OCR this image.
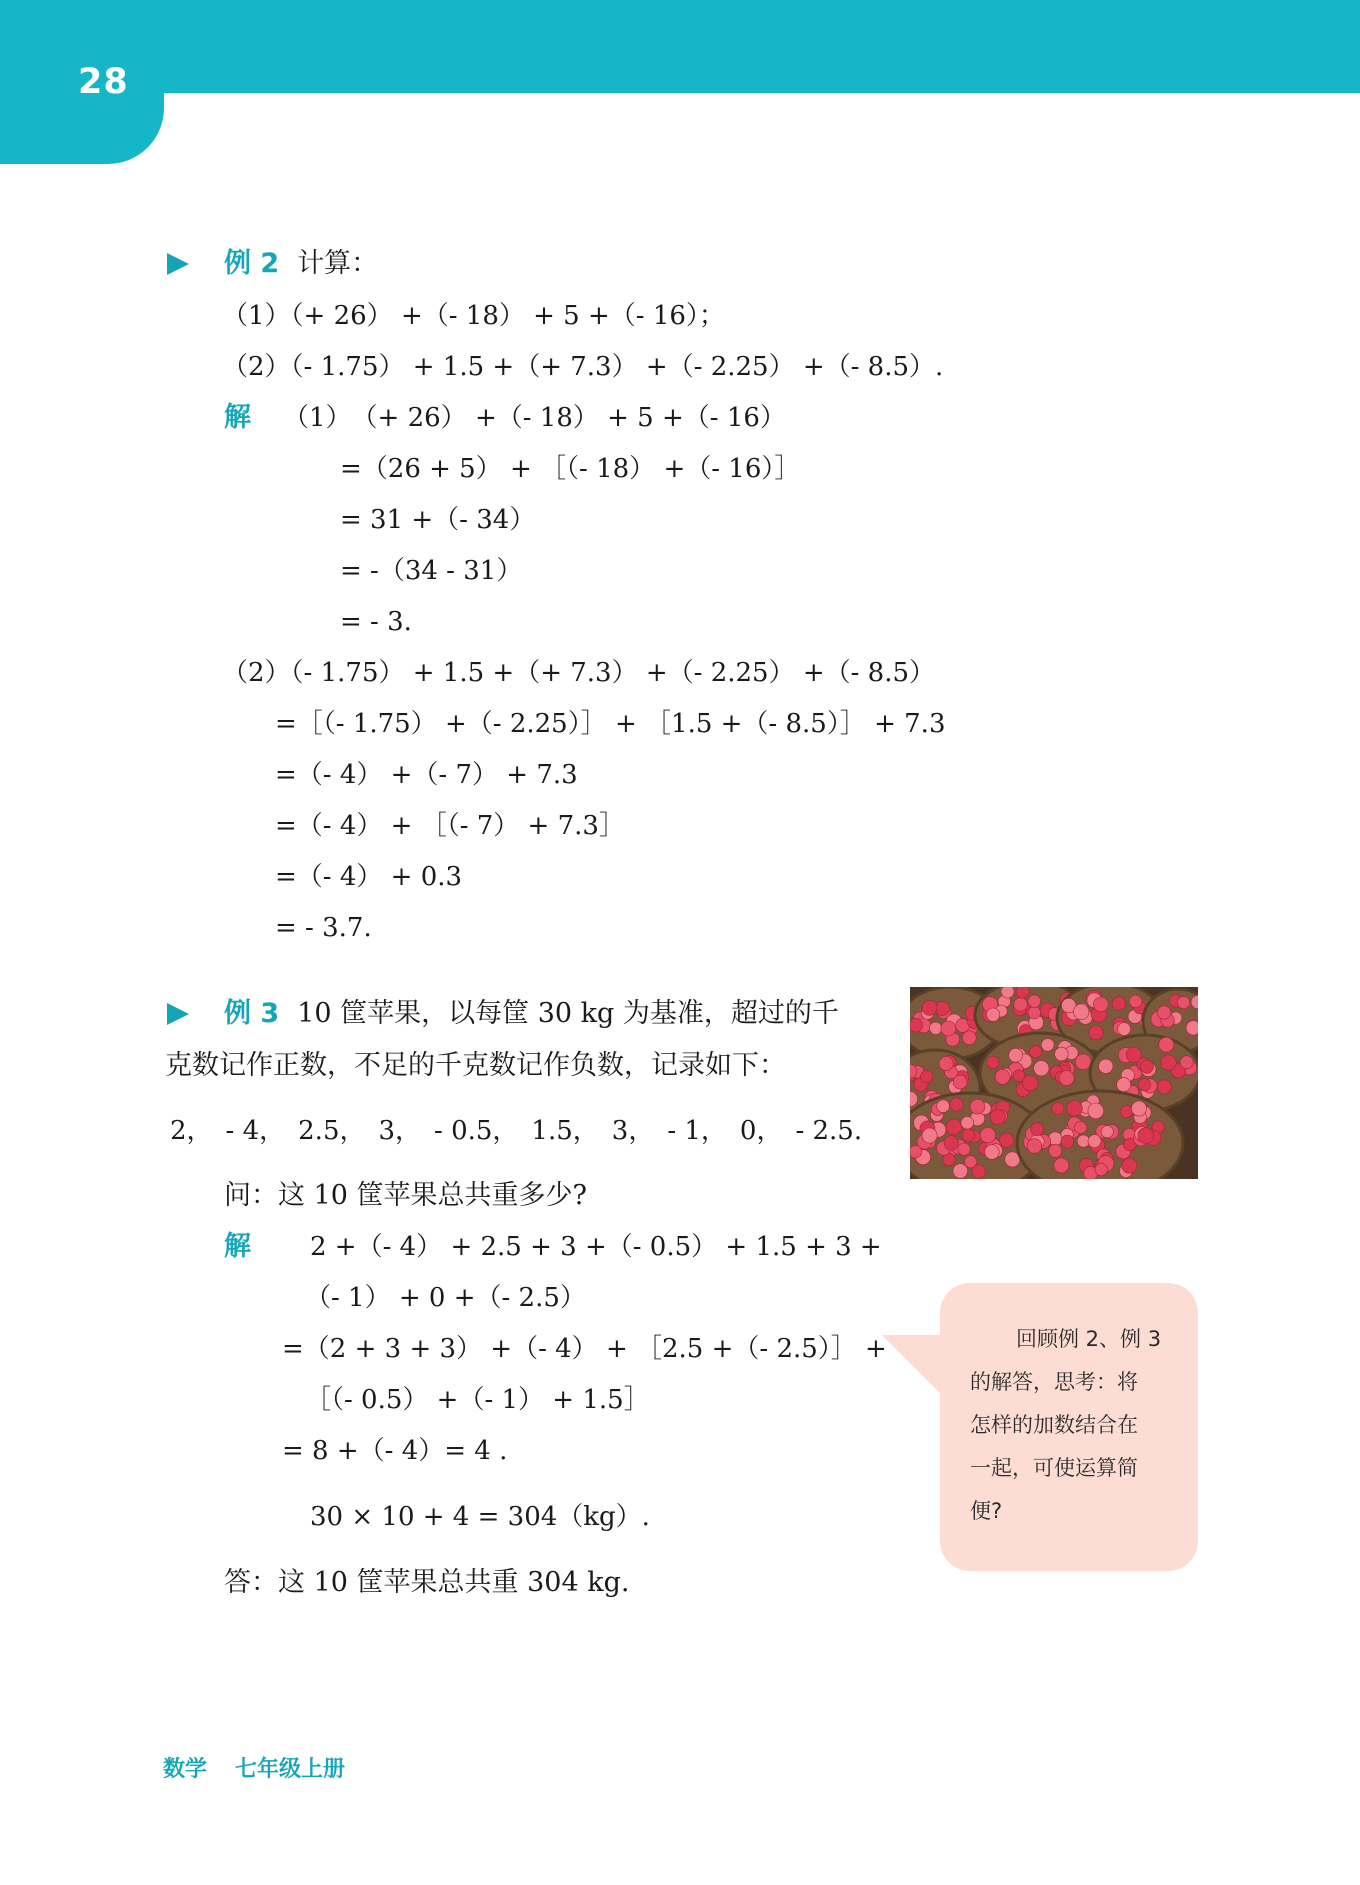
28
例 2 计算：
（1）（+ 26） +（- 18） + 5 +（- 16）；
（2）（- 1.75） + 1.5 +（+ 7.3） +（- 2.25） +（- 8.5）.
解 （1）　（+ 26） +（- 18） + 5 +（- 16）
=（26 + 5） + ［（- 18） +（- 16）］
= 31 +（- 34）
= -（34 - 31）
= - 3.
（2）（- 1.75） + 1.5 +（+ 7.3） +（- 2.25） +（- 8.5）
=［（- 1.75） +（- 2.25）］ + ［1.5 +（- 8.5）］ + 7.3
=（- 4） +（- 7） + 7.3
=（- 4） + ［（- 7） + 7.3］
=（- 4） + 0.3
= - 3.7.
例 3 10 筐苹果，以每筐 30 kg 为基准，超过的千
克数记作正数，不足的千克数记作负数，记录如下：
2，　- 4，　2.5，　3，　- 0.5，　1.5，　3，　- 1，　0，　- 2.5.
问：这 10 筐苹果总共重多少?
解 2 +（- 4） + 2.5 + 3 +（- 0.5） + 1.5 + 3 +
（- 1） + 0 +（- 2.5）
=（2 + 3 + 3） +（- 4） + ［2.5 +（- 2.5）］ +
［（- 0.5） +（- 1） + 1.5］
= 8 +（- 4）= 4 .
30 × 10 + 4 = 304（kg）.
答：这 10 筐苹果总共重 304 kg.
回顾例 2、例 3
的解答，思考：将
怎样的加数结合在
一起，可使运算简
便?
数学 七年级上册
